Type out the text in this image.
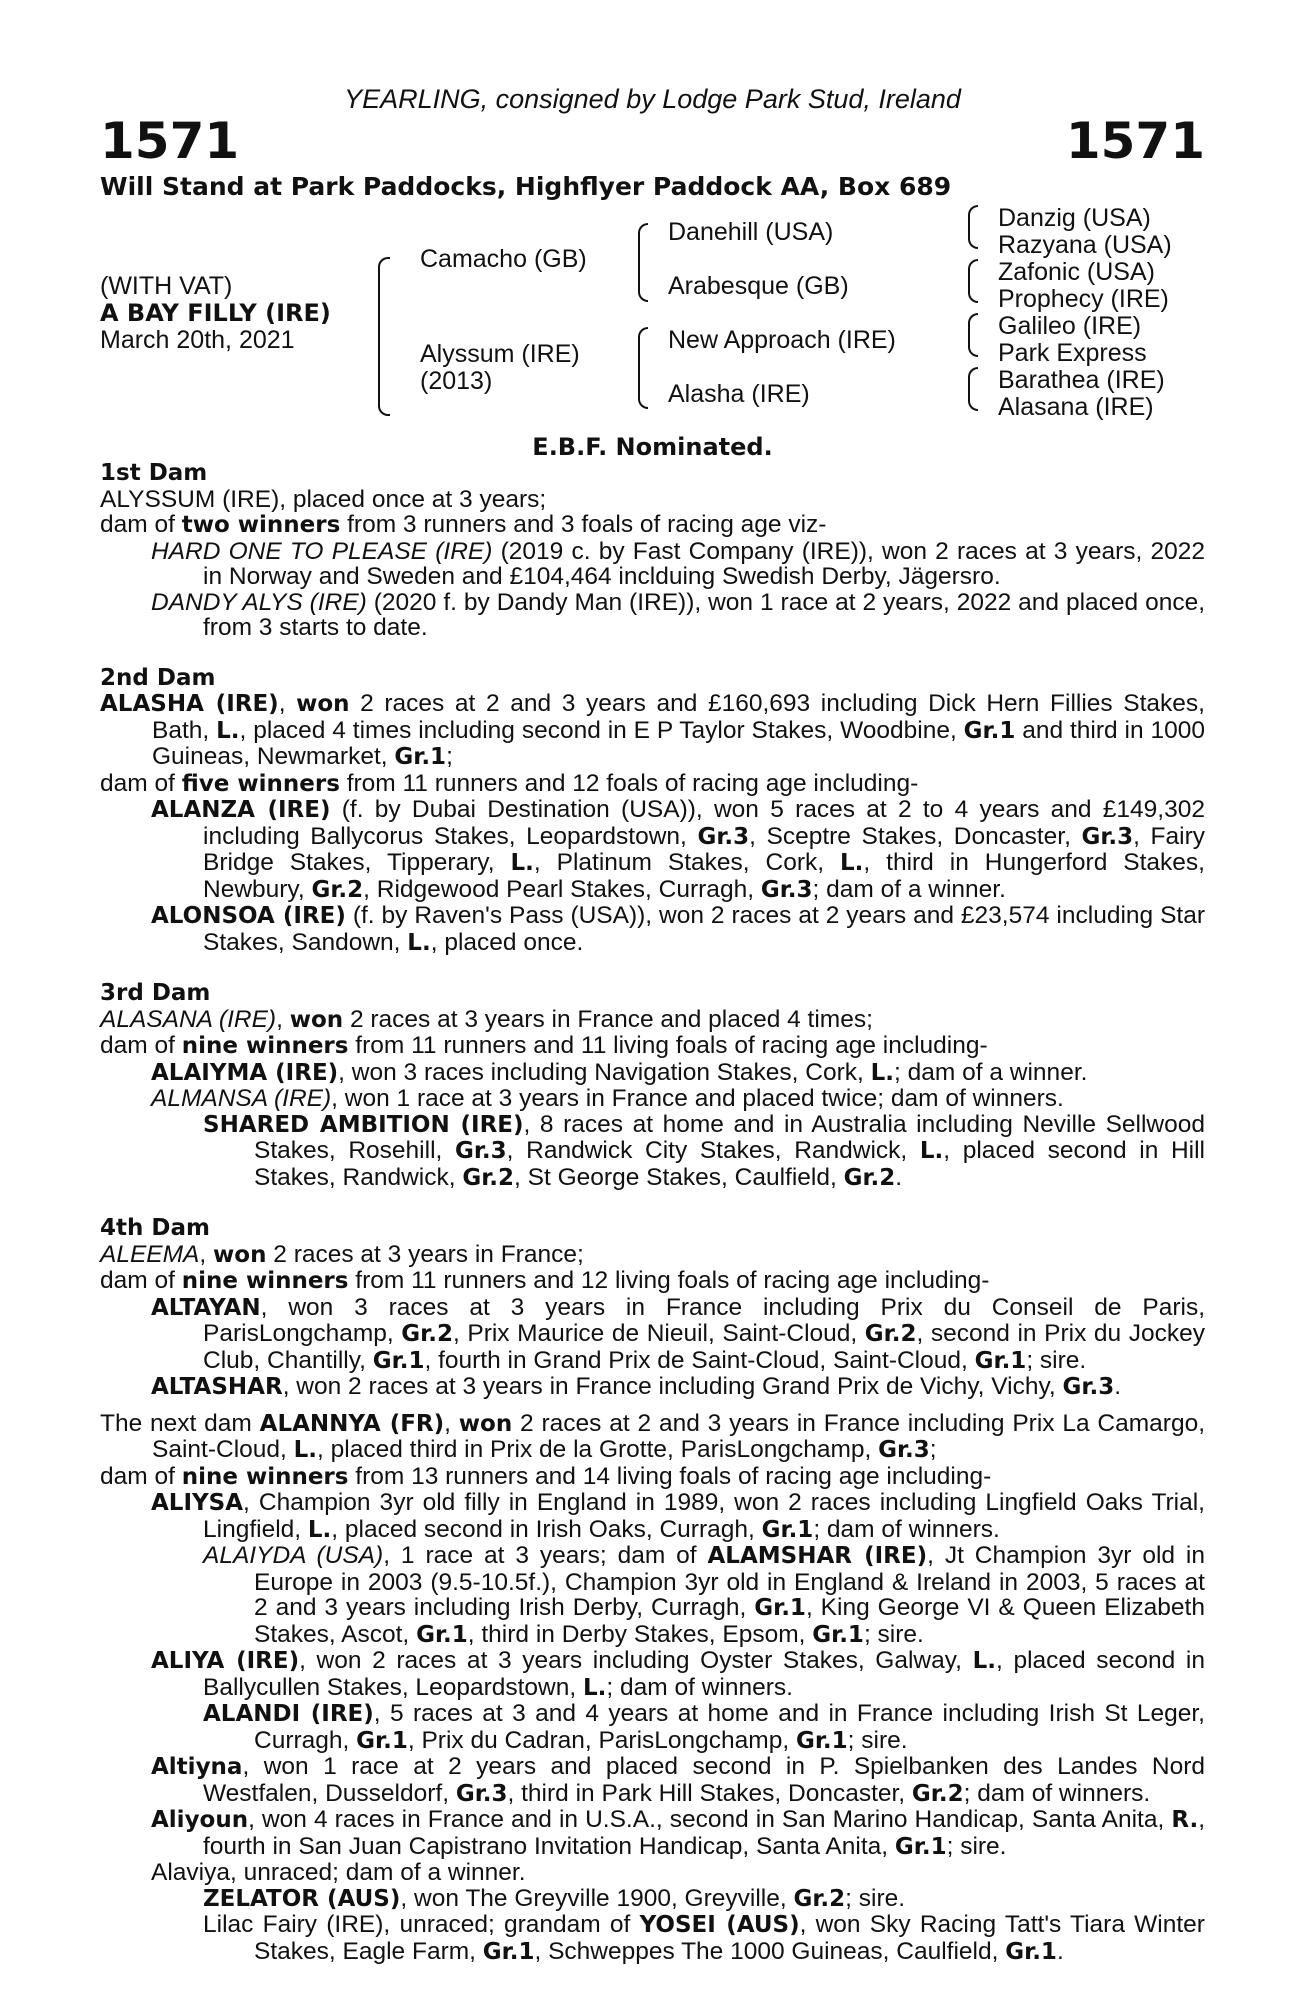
YEARLING, consigned by Lodge Park Stud, Ireland
1571	1571
Will Stand at Park Paddocks, Highflyer Paddock AA, Box 689
(WITH VAT)
A BAY FILLY (IRE)
March 20th, 2021
Camacho (GB)
Alyssum (IRE)
(2013)
Danehill (USA)
Arabesque (GB)
New Approach (IRE)
Alasha (IRE)
Danzig (USA)
Razyana (USA)
Zafonic (USA)
Prophecy (IRE)
Galileo (IRE)
Park Express
Barathea (IRE)
Alasana (IRE)
E.B.F. Nominated.
1st Dam

ALYSSUM (IRE), placed once at 3 years;

dam of two winners from 3 runners and 3 foals of racing age viz-

HARD ONE TO PLEASE (IRE) (2019 c. by Fast Company (IRE)), won 2 races at 3 years, 2022 in Norway and Sweden and £104,464 inclduing Swedish Derby, Jägersro.

DANDY ALYS (IRE) (2020 f. by Dandy Man (IRE)), won 1 race at 2 years, 2022 and placed once, from 3 starts to date.

2nd Dam

ALASHA (IRE), won 2 races at 2 and 3 years and £160,693 including Dick Hern Fillies Stakes, Bath, L., placed 4 times including second in E P Taylor Stakes, Woodbine, Gr.1 and third in 1000 Guineas, Newmarket, Gr.1;

dam of five winners from 11 runners and 12 foals of racing age including-

ALANZA (IRE) (f. by Dubai Destination (USA)), won 5 races at 2 to 4 years and £149,302 including Ballycorus Stakes, Leopardstown, Gr.3, Sceptre Stakes, Doncaster, Gr.3, Fairy Bridge Stakes, Tipperary, L., Platinum Stakes, Cork, L., third in Hungerford Stakes, Newbury, Gr.2, Ridgewood Pearl Stakes, Curragh, Gr.3; dam of a winner.

ALONSOA (IRE) (f. by Raven's Pass (USA)), won 2 races at 2 years and £23,574 including Star Stakes, Sandown, L., placed once.

3rd Dam

ALASANA (IRE), won 2 races at 3 years in France and placed 4 times;

dam of nine winners from 11 runners and 11 living foals of racing age including-

ALAIYMA (IRE), won 3 races including Navigation Stakes, Cork, L.; dam of a winner.

ALMANSA (IRE), won 1 race at 3 years in France and placed twice; dam of winners.

SHARED AMBITION (IRE), 8 races at home and in Australia including Neville Sellwood Stakes, Rosehill, Gr.3, Randwick City Stakes, Randwick, L., placed second in Hill Stakes, Randwick, Gr.2, St George Stakes, Caulfield, Gr.2.

4th Dam

ALEEMA, won 2 races at 3 years in France;

dam of nine winners from 11 runners and 12 living foals of racing age including-

ALTAYAN, won 3 races at 3 years in France including Prix du Conseil de Paris, ParisLongchamp, Gr.2, Prix Maurice de Nieuil, Saint-Cloud, Gr.2, second in Prix du Jockey Club, Chantilly, Gr.1, fourth in Grand Prix de Saint-Cloud, Saint-Cloud, Gr.1; sire.

ALTASHAR, won 2 races at 3 years in France including Grand Prix de Vichy, Vichy, Gr.3.

The next dam ALANNYA (FR), won 2 races at 2 and 3 years in France including Prix La Camargo, Saint-Cloud, L., placed third in Prix de la Grotte, ParisLongchamp, Gr.3;

dam of nine winners from 13 runners and 14 living foals of racing age including-

ALIYSA, Champion 3yr old filly in England in 1989, won 2 races including Lingfield Oaks Trial, Lingfield, L., placed second in Irish Oaks, Curragh, Gr.1; dam of winners.

ALAIYDA (USA), 1 race at 3 years; dam of ALAMSHAR (IRE), Jt Champion 3yr old in Europe in 2003 (9.5-10.5f.), Champion 3yr old in England & Ireland in 2003, 5 races at 2 and 3 years including Irish Derby, Curragh, Gr.1, King George VI & Queen Elizabeth Stakes, Ascot, Gr.1, third in Derby Stakes, Epsom, Gr.1; sire.

ALIYA (IRE), won 2 races at 3 years including Oyster Stakes, Galway, L., placed second in Ballycullen Stakes, Leopardstown, L.; dam of winners.

ALANDI (IRE), 5 races at 3 and 4 years at home and in France including Irish St Leger, Curragh, Gr.1, Prix du Cadran, ParisLongchamp, Gr.1; sire.

Altiyna, won 1 race at 2 years and placed second in P. Spielbanken des Landes Nord Westfalen, Dusseldorf, Gr.3, third in Park Hill Stakes, Doncaster, Gr.2; dam of winners.

Aliyoun, won 4 races in France and in U.S.A., second in San Marino Handicap, Santa Anita, R., fourth in San Juan Capistrano Invitation Handicap, Santa Anita, Gr.1; sire.

Alaviya, unraced; dam of a winner.

ZELATOR (AUS), won The Greyville 1900, Greyville, Gr.2; sire.

Lilac Fairy (IRE), unraced; grandam of YOSEI (AUS), won Sky Racing Tatt's Tiara Winter Stakes, Eagle Farm, Gr.1, Schweppes The 1000 Guineas, Caulfield, Gr.1.
